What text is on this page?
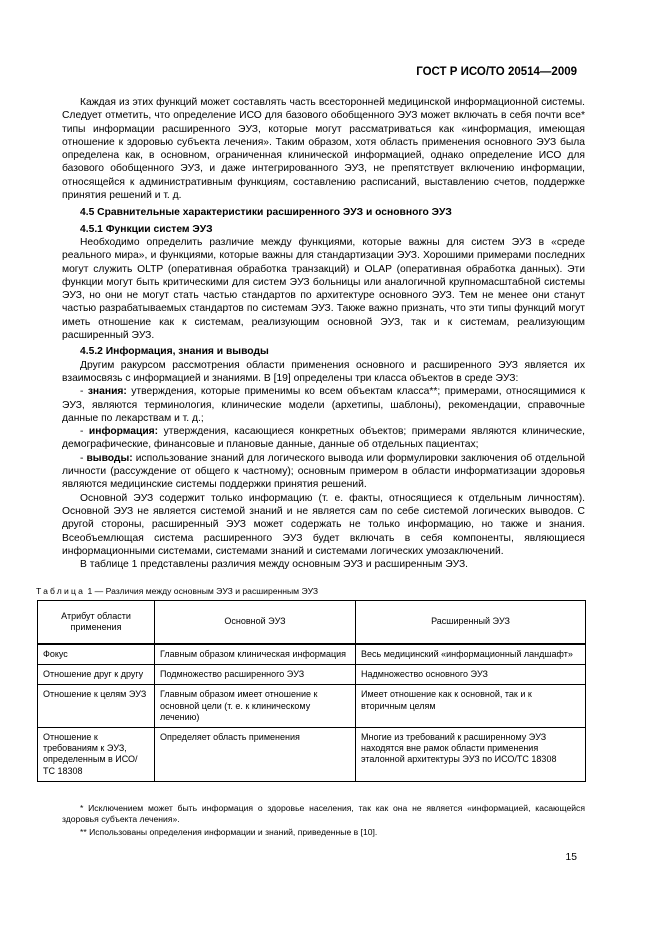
ГОСТ Р ИСО/ТО 20514—2009

Каждая из этих функций может составлять часть всесторонней медицинской информационной системы. Следует отметить, что определение ИСО для базового обобщенного ЭУЗ может включать в себя почти все* типы информации расширенного ЭУЗ, которые могут рассматриваться как «информация, имеющая отношение к здоровью субъекта лечения». Таким образом, хотя область применения основного ЭУЗ была определена как, в основном, ограниченная клинической информацией, однако определение ИСО для базового обобщенного ЭУЗ, и даже интегрированного ЭУЗ, не препятствует включению информации, относящейся к административным функциям, составлению расписаний, выставлению счетов, поддержке принятия решений и т. д.

4.5 Сравнительные характеристики расширенного ЭУЗ и основного ЭУЗ

4.5.1 Функции систем ЭУЗ

Необходимо определить различие между функциями, которые важны для систем ЭУЗ в «среде реального мира», и функциями, которые важны для стандартизации ЭУЗ. Хорошими примерами последних могут служить OLTP (оперативная обработка транзакций) и OLAP (оперативная обработка данных). Эти функции могут быть критическими для систем ЭУЗ больницы или аналогичной крупномасштабной системы ЭУЗ, но они не могут стать частью стандартов по архитектуре основного ЭУЗ. Тем не менее они станут частью разрабатываемых стандартов по системам ЭУЗ. Также важно признать, что эти типы функций могут иметь отношение как к системам, реализующим основной ЭУЗ, так и к системам, реализующим расширенный ЭУЗ.

4.5.2 Информация, знания и выводы

Другим ракурсом рассмотрения области применения основного и расширенного ЭУЗ является их взаимосвязь с информацией и знаниями. В [19] определены три класса объектов в среде ЭУЗ:

- знания: утверждения, которые применимы ко всем объектам класса**; примерами, относящимися к ЭУЗ, являются терминология, клинические модели (архетипы, шаблоны), рекомендации, справочные данные по лекарствам и т. д.;

- информация: утверждения, касающиеся конкретных объектов; примерами являются клинические, демографические, финансовые и плановые данные, данные об отдельных пациентах;

- выводы: использование знаний для логического вывода или формулировки заключения об отдельной личности (рассуждение от общего к частному); основным примером в области информатизации здоровья являются медицинские системы поддержки принятия решений.

Основной ЭУЗ содержит только информацию (т. е. факты, относящиеся к отдельным личностям). Основной ЭУЗ не является системой знаний и не является сам по себе системой логических выводов. С другой стороны, расширенный ЭУЗ может содержать не только информацию, но также и знания. Всеобъемлющая система расширенного ЭУЗ будет включать в себя компоненты, являющиеся информационными системами, системами знаний и системами логических умозаключений.

В таблице 1 представлены различия между основным ЭУЗ и расширенным ЭУЗ.

Таблица 1 — Различия между основным ЭУЗ и расширенным ЭУЗ
Атрибут области применения	Основной ЭУЗ	Расширенный ЭУЗ
Фокус	Главным образом клиническая информация	Весь медицинский «информационный ландшафт»
Отношение друг к другу	Подмножество расширенного ЭУЗ	Надмножество основного ЭУЗ
Отношение к целям ЭУЗ	Главным образом имеет отношение к основной цели (т. е. к клиническому лечению)	Имеет отношение как к основной, так и к вторичным целям
Отношение к требованиям к ЭУЗ, определенным в ИСО/ТС 18308	Определяет область применения	Многие из требований к расширенному ЭУЗ находятся вне рамок области применения эталонной архитектуры ЭУЗ по ИСО/ТС 18308

* Исключением может быть информация о здоровье населения, так как она не является «информацией, касающейся здоровья субъекта лечения».

** Использованы определения информации и знаний, приведенные в [10].

15
